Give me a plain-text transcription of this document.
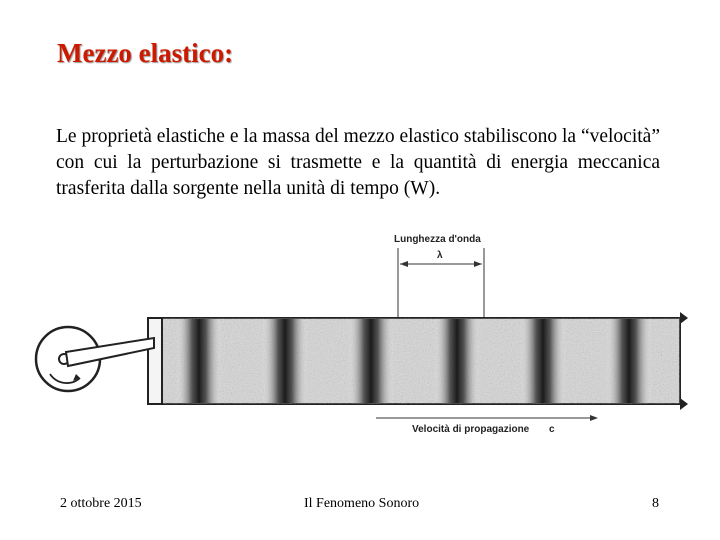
Mezzo elastico:
Le proprietà elastiche e la massa del mezzo elastico stabiliscono la “velocità” con cui la perturbazione si trasmette e la quantità di energia meccanica trasferita dalla sorgente nella unità di tempo (W).
Lunghezza d'onda
λ
Velocità di propagazione c
2 ottobre 2015	Il Fenomeno Sonoro	8
